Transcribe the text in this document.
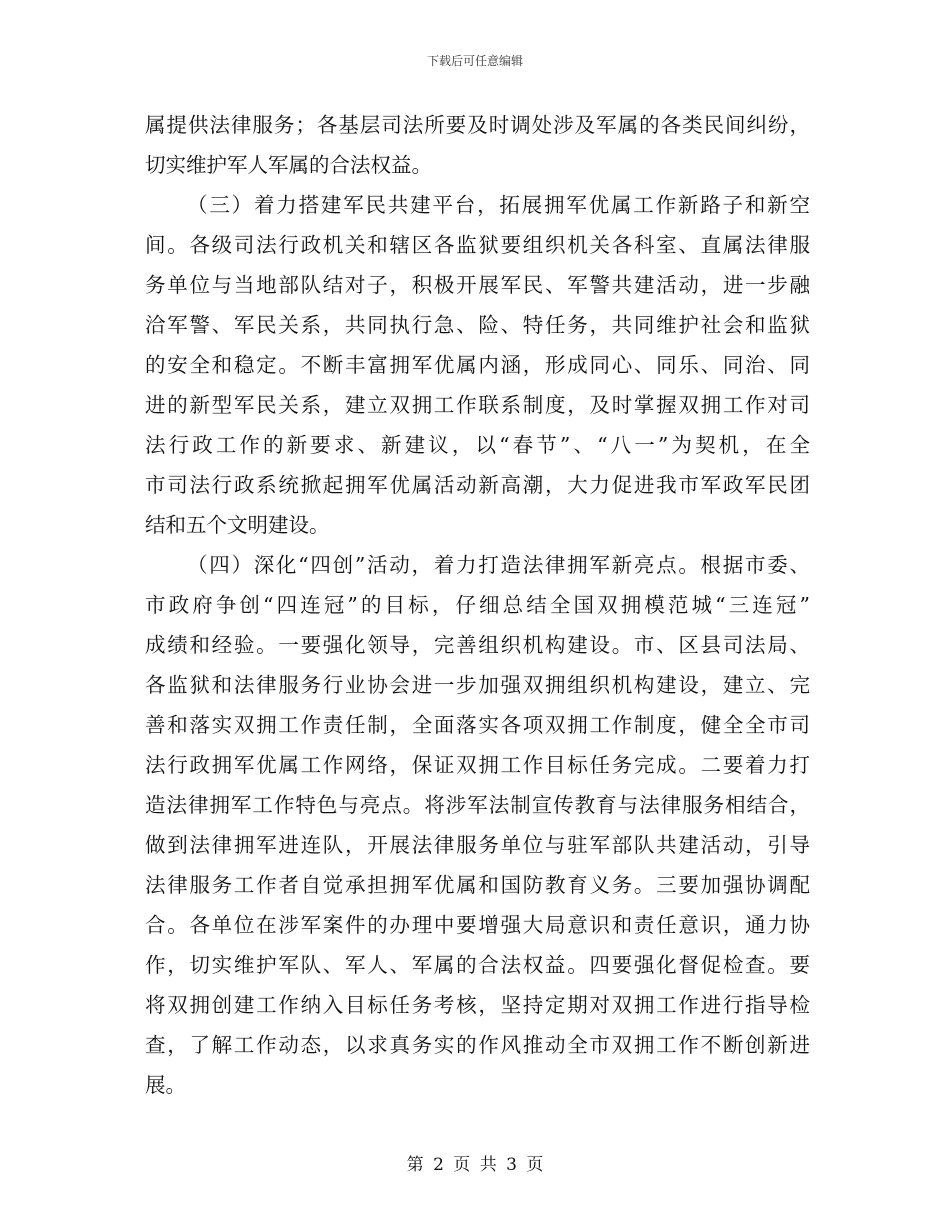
下载后可任意编辑
属提供法律服务；各基层司法所要及时调处涉及军属的各类民间纠纷，
切实维护军人军属的合法权益。
（三）着力搭建军民共建平台，拓展拥军优属工作新路子和新空
间。各级司法行政机关和辖区各监狱要组织机关各科室、直属法律服
务单位与当地部队结对子，积极开展军民、军警共建活动，进一步融
洽军警、军民关系，共同执行急、险、特任务，共同维护社会和监狱
的安全和稳定。不断丰富拥军优属内涵，形成同心、同乐、同治、同
进的新型军民关系，建立双拥工作联系制度，及时掌握双拥工作对司
法行政工作的新要求、新建议，以“春节”、“八一”为契机，在全
市司法行政系统掀起拥军优属活动新高潮，大力促进我市军政军民团
结和五个文明建设。
（四）深化“四创”活动，着力打造法律拥军新亮点。根据市委、
市政府争创“四连冠”的目标，仔细总结全国双拥模范城“三连冠”
成绩和经验。一要强化领导，完善组织机构建设。市、区县司法局、
各监狱和法律服务行业协会进一步加强双拥组织机构建设，建立、完
善和落实双拥工作责任制，全面落实各项双拥工作制度，健全全市司
法行政拥军优属工作网络，保证双拥工作目标任务完成。二要着力打
造法律拥军工作特色与亮点。将涉军法制宣传教育与法律服务相结合，
做到法律拥军进连队，开展法律服务单位与驻军部队共建活动，引导
法律服务工作者自觉承担拥军优属和国防教育义务。三要加强协调配
合。各单位在涉军案件的办理中要增强大局意识和责任意识，通力协
作，切实维护军队、军人、军属的合法权益。四要强化督促检查。要
将双拥创建工作纳入目标任务考核，坚持定期对双拥工作进行指导检
查，了解工作动态，以求真务实的作风推动全市双拥工作不断创新进
展。
第 2 页 共 3 页
